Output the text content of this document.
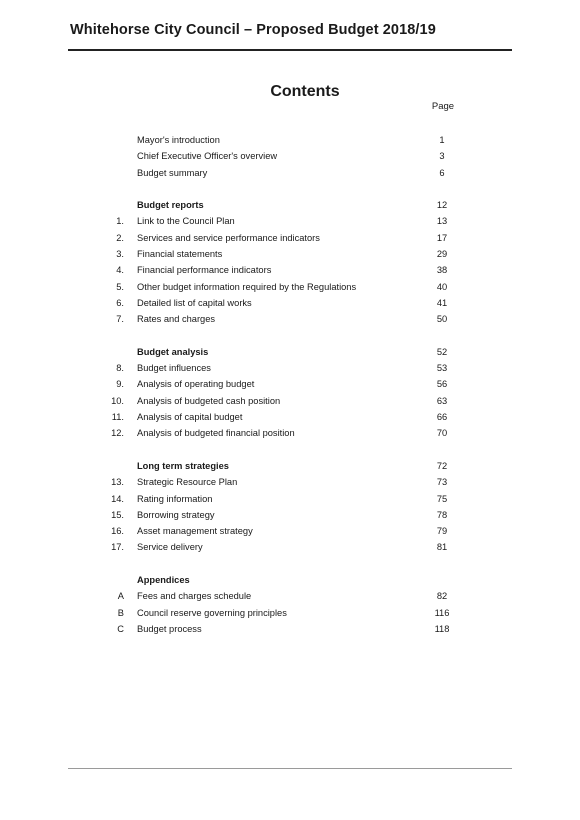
Whitehorse City Council – Proposed Budget 2018/19
Contents
Page
Mayor's introduction	1
Chief Executive Officer's overview	3
Budget summary	6
Budget reports	12
1. Link to the Council Plan	13
2. Services and service performance indicators	17
3. Financial statements	29
4. Financial performance indicators	38
5. Other budget information required by the Regulations	40
6. Detailed list of capital works	41
7. Rates and charges	50
Budget analysis	52
8. Budget influences	53
9. Analysis of operating budget	56
10. Analysis of budgeted cash position	63
11. Analysis of capital budget	66
12. Analysis of budgeted financial position	70
Long term strategies	72
13. Strategic Resource Plan	73
14. Rating information	75
15. Borrowing strategy	78
16. Asset management strategy	79
17. Service delivery	81
Appendices
A Fees and charges schedule	82
B Council reserve governing principles	116
C Budget process	118
